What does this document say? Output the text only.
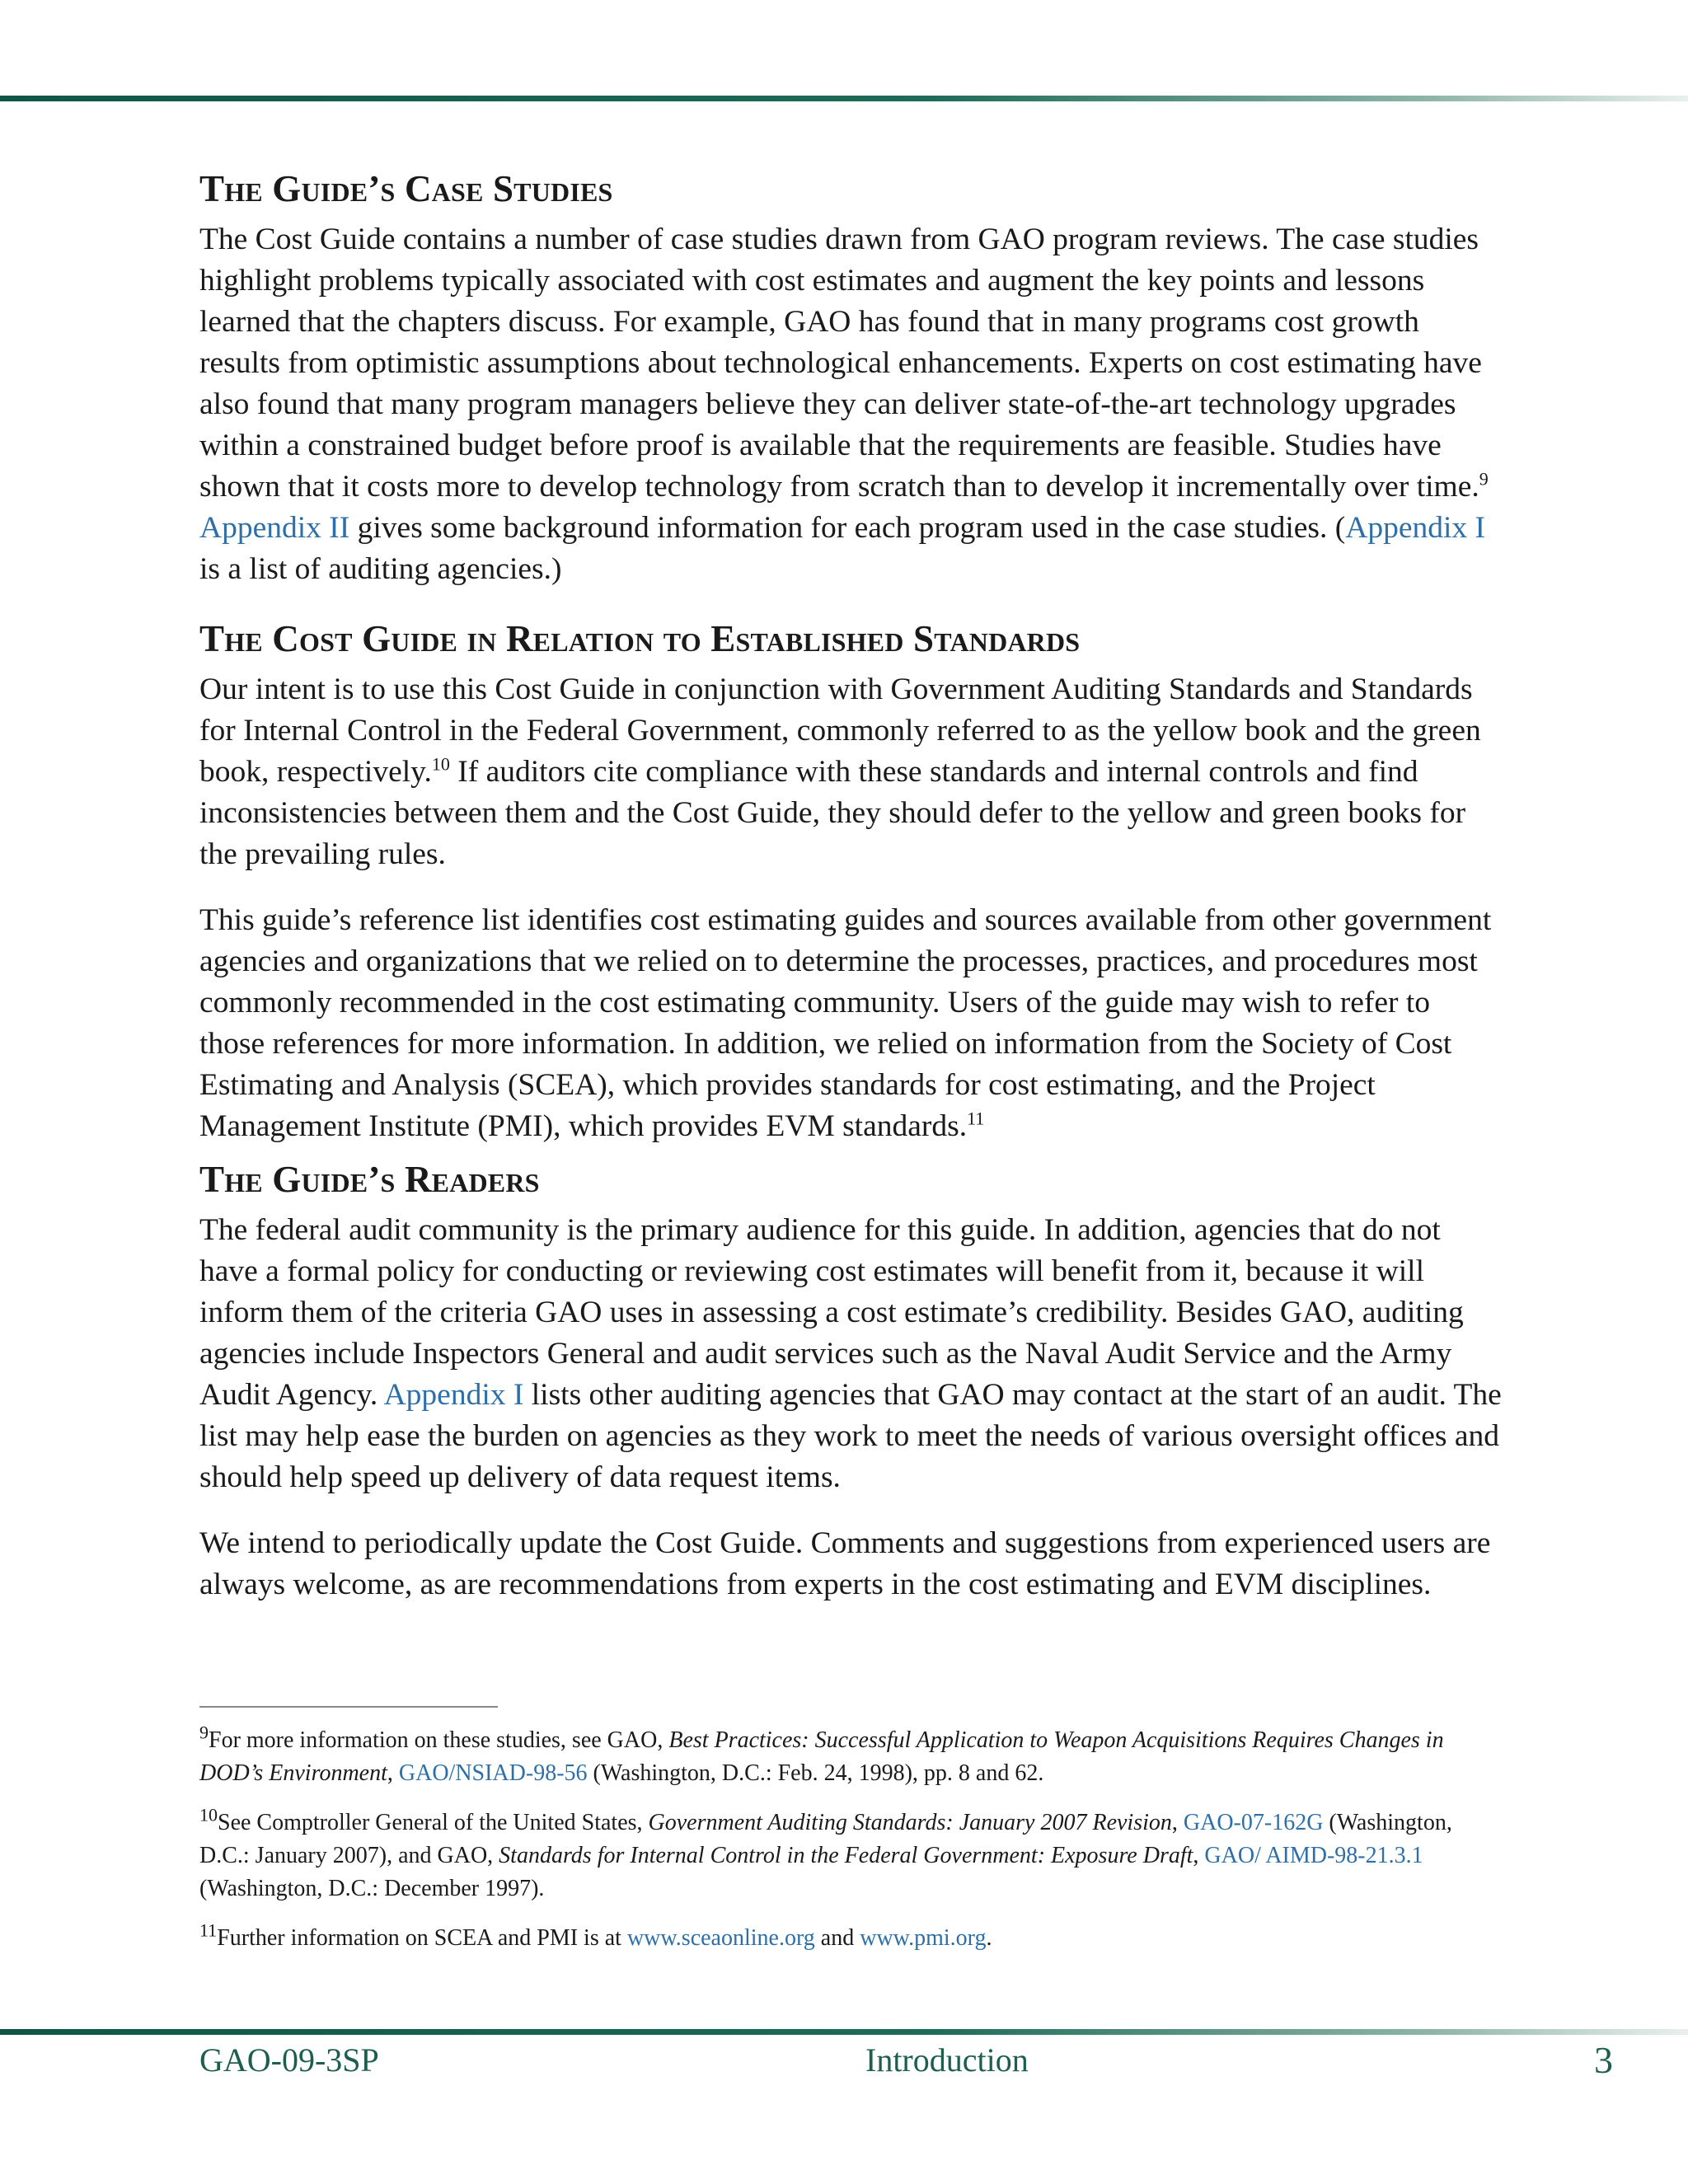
The Guide’s Case Studies

The Cost Guide contains a number of case studies drawn from GAO program reviews. The case studies highlight problems typically associated with cost estimates and augment the key points and lessons learned that the chapters discuss. For example, GAO has found that in many programs cost growth results from optimistic assumptions about technological enhancements. Experts on cost estimating have also found that many program managers believe they can deliver state-of-the-art technology upgrades within a constrained budget before proof is available that the requirements are feasible. Studies have shown that it costs more to develop technology from scratch than to develop it incrementally over time.$^9$ Appendix II gives some background information for each program used in the case studies. (Appendix I is a list of auditing agencies.)

The Cost Guide in Relation to Established Standards

Our intent is to use this Cost Guide in conjunction with Government Auditing Standards and Standards for Internal Control in the Federal Government, commonly referred to as the yellow book and the green book, respectively.$^{10}$ If auditors cite compliance with these standards and internal controls and find inconsistencies between them and the Cost Guide, they should defer to the yellow and green books for the prevailing rules.

This guide’s reference list identifies cost estimating guides and sources available from other government agencies and organizations that we relied on to determine the processes, practices, and procedures most commonly recommended in the cost estimating community. Users of the guide may wish to refer to those references for more information. In addition, we relied on information from the Society of Cost Estimating and Analysis (SCEA), which provides standards for cost estimating, and the Project Management Institute (PMI), which provides EVM standards.$^{11}$

The Guide’s Readers

The federal audit community is the primary audience for this guide. In addition, agencies that do not have a formal policy for conducting or reviewing cost estimates will benefit from it, because it will inform them of the criteria GAO uses in assessing a cost estimate’s credibility. Besides GAO, auditing agencies include Inspectors General and audit services such as the Naval Audit Service and the Army Audit Agency. Appendix I lists other auditing agencies that GAO may contact at the start of an audit. The list may help ease the burden on agencies as they work to meet the needs of various oversight offices and should help speed up delivery of data request items.

We intend to periodically update the Cost Guide. Comments and suggestions from experienced users are always welcome, as are recommendations from experts in the cost estimating and EVM disciplines.

$^9$For more information on these studies, see GAO, Best Practices: Successful Application to Weapon Acquisitions Requires Changes in DOD’s Environment, GAO/NSIAD-98-56 (Washington, D.C.: Feb. 24, 1998), pp. 8 and 62.

$^{10}$See Comptroller General of the United States, Government Auditing Standards: January 2007 Revision, GAO-07-162G (Washington, D.C.: January 2007), and GAO, Standards for Internal Control in the Federal Government: Exposure Draft, GAO/ AIMD-98-21.3.1 (Washington, D.C.: December 1997).

$^{11}$Further information on SCEA and PMI is at www.sceaonline.org and www.pmi.org.

GAO-09-3SP	Introduction	3
